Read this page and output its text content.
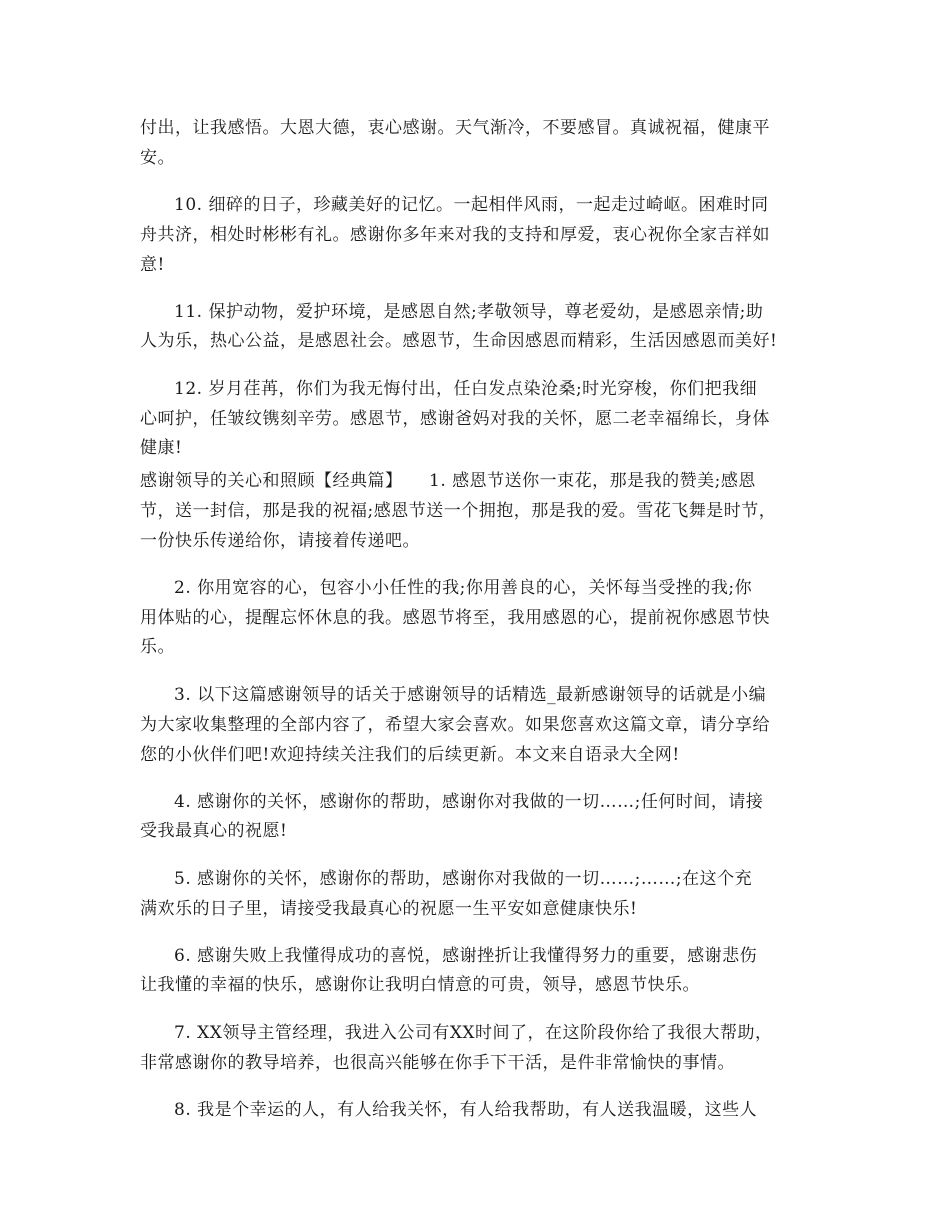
付出，让我感悟。大恩大德，衷心感谢。天气渐冷，不要感冒。真诚祝福，健康平
安。
10. 细碎的日子，珍藏美好的记忆。一起相伴风雨，一起走过崎岖。困难时同
舟共济，相处时彬彬有礼。感谢你多年来对我的支持和厚爱，衷心祝你全家吉祥如
意!
11. 保护动物，爱护环境，是感恩自然;孝敬领导，尊老爱幼，是感恩亲情;助
人为乐，热心公益，是感恩社会。感恩节，生命因感恩而精彩，生活因感恩而美好!
12. 岁月荏苒，你们为我无悔付出，任白发点染沧桑;时光穿梭，你们把我细
心呵护，任皱纹镌刻辛劳。感恩节，感谢爸妈对我的关怀，愿二老幸福绵长，身体
健康!
感谢领导的关心和照顾【经典篇】　　1. 感恩节送你一束花，那是我的赞美;感恩
节，送一封信，那是我的祝福;感恩节送一个拥抱，那是我的爱。雪花飞舞是时节，
一份快乐传递给你，请接着传递吧。
2. 你用宽容的心，包容小小任性的我;你用善良的心，关怀每当受挫的我;你
用体贴的心，提醒忘怀休息的我。感恩节将至，我用感恩的心，提前祝你感恩节快
乐。
3. 以下这篇感谢领导的话关于感谢领导的话精选_最新感谢领导的话就是小编
为大家收集整理的全部内容了，希望大家会喜欢。如果您喜欢这篇文章，请分享给
您的小伙伴们吧!欢迎持续关注我们的后续更新。本文来自语录大全网!
4. 感谢你的关怀，感谢你的帮助，感谢你对我做的一切……;任何时间，请接
受我最真心的祝愿!
5. 感谢你的关怀，感谢你的帮助，感谢你对我做的一切……;……;在这个充
满欢乐的日子里，请接受我最真心的祝愿一生平安如意健康快乐!
6. 感谢失败上我懂得成功的喜悦，感谢挫折让我懂得努力的重要，感谢悲伤
让我懂的幸福的快乐，感谢你让我明白情意的可贵，领导，感恩节快乐。
7. XX领导主管经理，我进入公司有XX时间了，在这阶段你给了我很大帮助，
非常感谢你的教导培养，也很高兴能够在你手下干活，是件非常愉快的事情。
8. 我是个幸运的人，有人给我关怀，有人给我帮助，有人送我温暖，这些人
